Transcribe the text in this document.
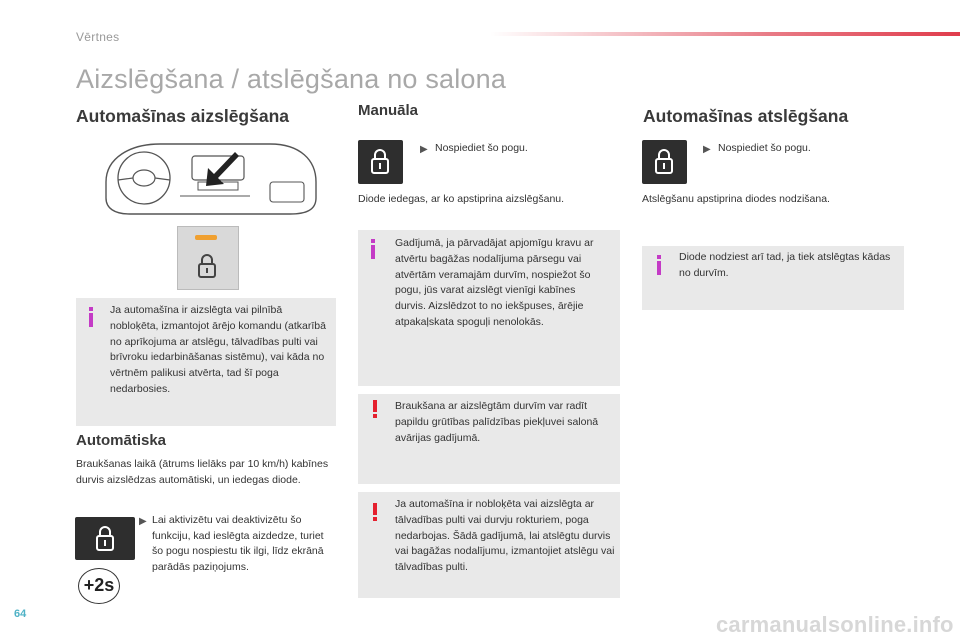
Vērtnes
Aizslēgšana / atslēgšana no salona
Automašīnas aizslēgšana
Ja automašīna ir aizslēgta vai pilnībā nobloķēta, izmantojot ārējo komandu (atkarībā no aprīkojuma ar atslēgu, tālvadības pulti vai brīvroku iedarbināšanas sistēmu), vai kāda no vērtnēm palikusi atvērta, tad šī poga nedarbosies.
Automātiska
Braukšanas laikā (ātrums lielāks par 10 km/h) kabīnes durvis aizslēdzas automātiski, un iedegas diode.
▶ Lai aktivizētu vai deaktivizētu šo funkciju, kad ieslēgta aizdedze, turiet šo pogu nospiestu tik ilgi, līdz ekrānā parādās paziņojums.
+2s
Manuāla
▶ Nospiediet šo pogu.
Diode iedegas, ar ko apstiprina aizslēgšanu.
Gadījumā, ja pārvadājat apjomīgu kravu ar atvērtu bagāžas nodalījuma pārsegu vai atvērtām veramajām durvīm, nospiežot šo pogu, jūs varat aizslēgt vienīgi kabīnes durvis. Aizslēdzot to no iekšpuses, ārējie atpakaļskata spoguļi nenolokās.
Braukšana ar aizslēgtām durvīm var radīt papildu grūtības palīdzības piekļuvei salonā avārijas gadījumā.
Ja automašīna ir nobloķēta vai aizslēgta ar tālvadības pulti vai durvju rokturiem, poga nedarbojas. Šādā gadījumā, lai atslēgtu durvis vai bagāžas nodalījumu, izmantojiet atslēgu vai tālvadības pulti.
Automašīnas atslēgšana
▶ Nospiediet šo pogu.
Atslēgšanu apstiprina diodes nodzišana.
Diode nodziest arī tad, ja tiek atslēgtas kādas no durvīm.
64	carmanualsonline.info
